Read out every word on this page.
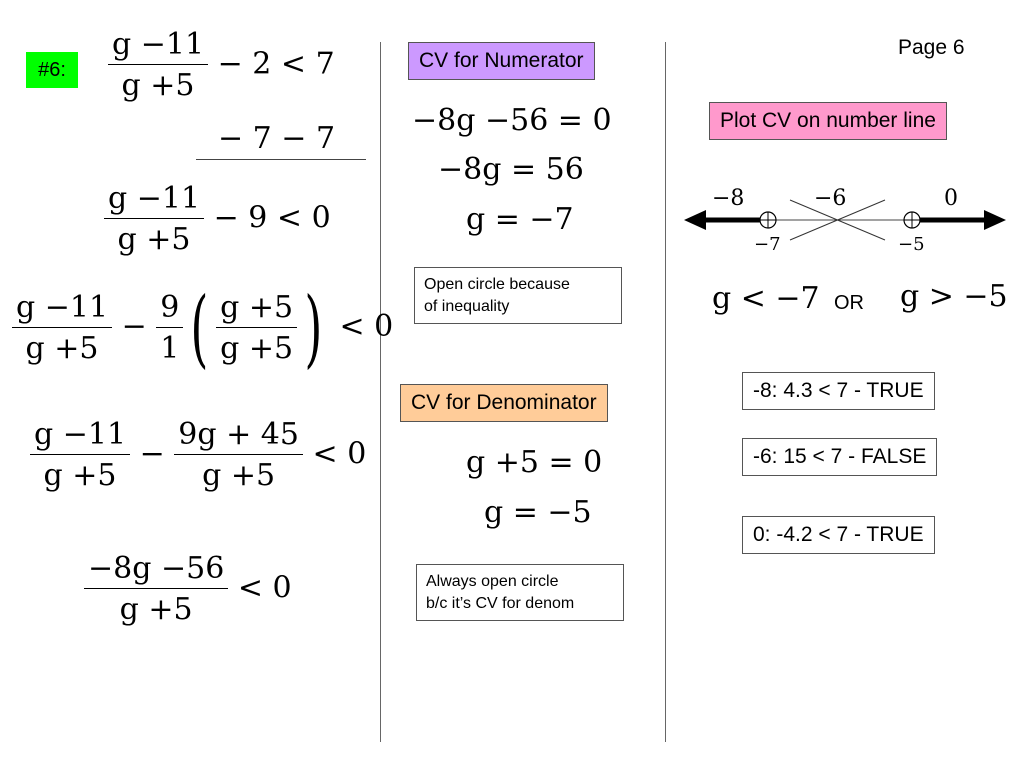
Page 6
#6:	$\frac{g -11}{g +5} - 2 < 7$
− 7 − 7
$\frac{g -11}{g +5} - 9 < 0$
$\frac{g -11}{g +5} - \frac{9}{1}$ ( $\frac{g +5}{g +5}$ ) < 0
$\frac{g -11}{g +5} - \frac{9g + 45}{g +5} < 0$
$\frac{-8g -56}{g +5} < 0$
CV for Numerator
−8g −56 = 0
−8g = 56
g = −7
Open circle because
of inequality
CV for Denominator
g +5 = 0
g = −5
Always open circle
b/c it’s CV for denom
Plot CV on number line
−8	−6	0
−7	−5
g < −7 OR g > −5
-8: 4.3 < 7 - TRUE
-6: 15 < 7 - FALSE
0: -4.2 < 7 - TRUE
